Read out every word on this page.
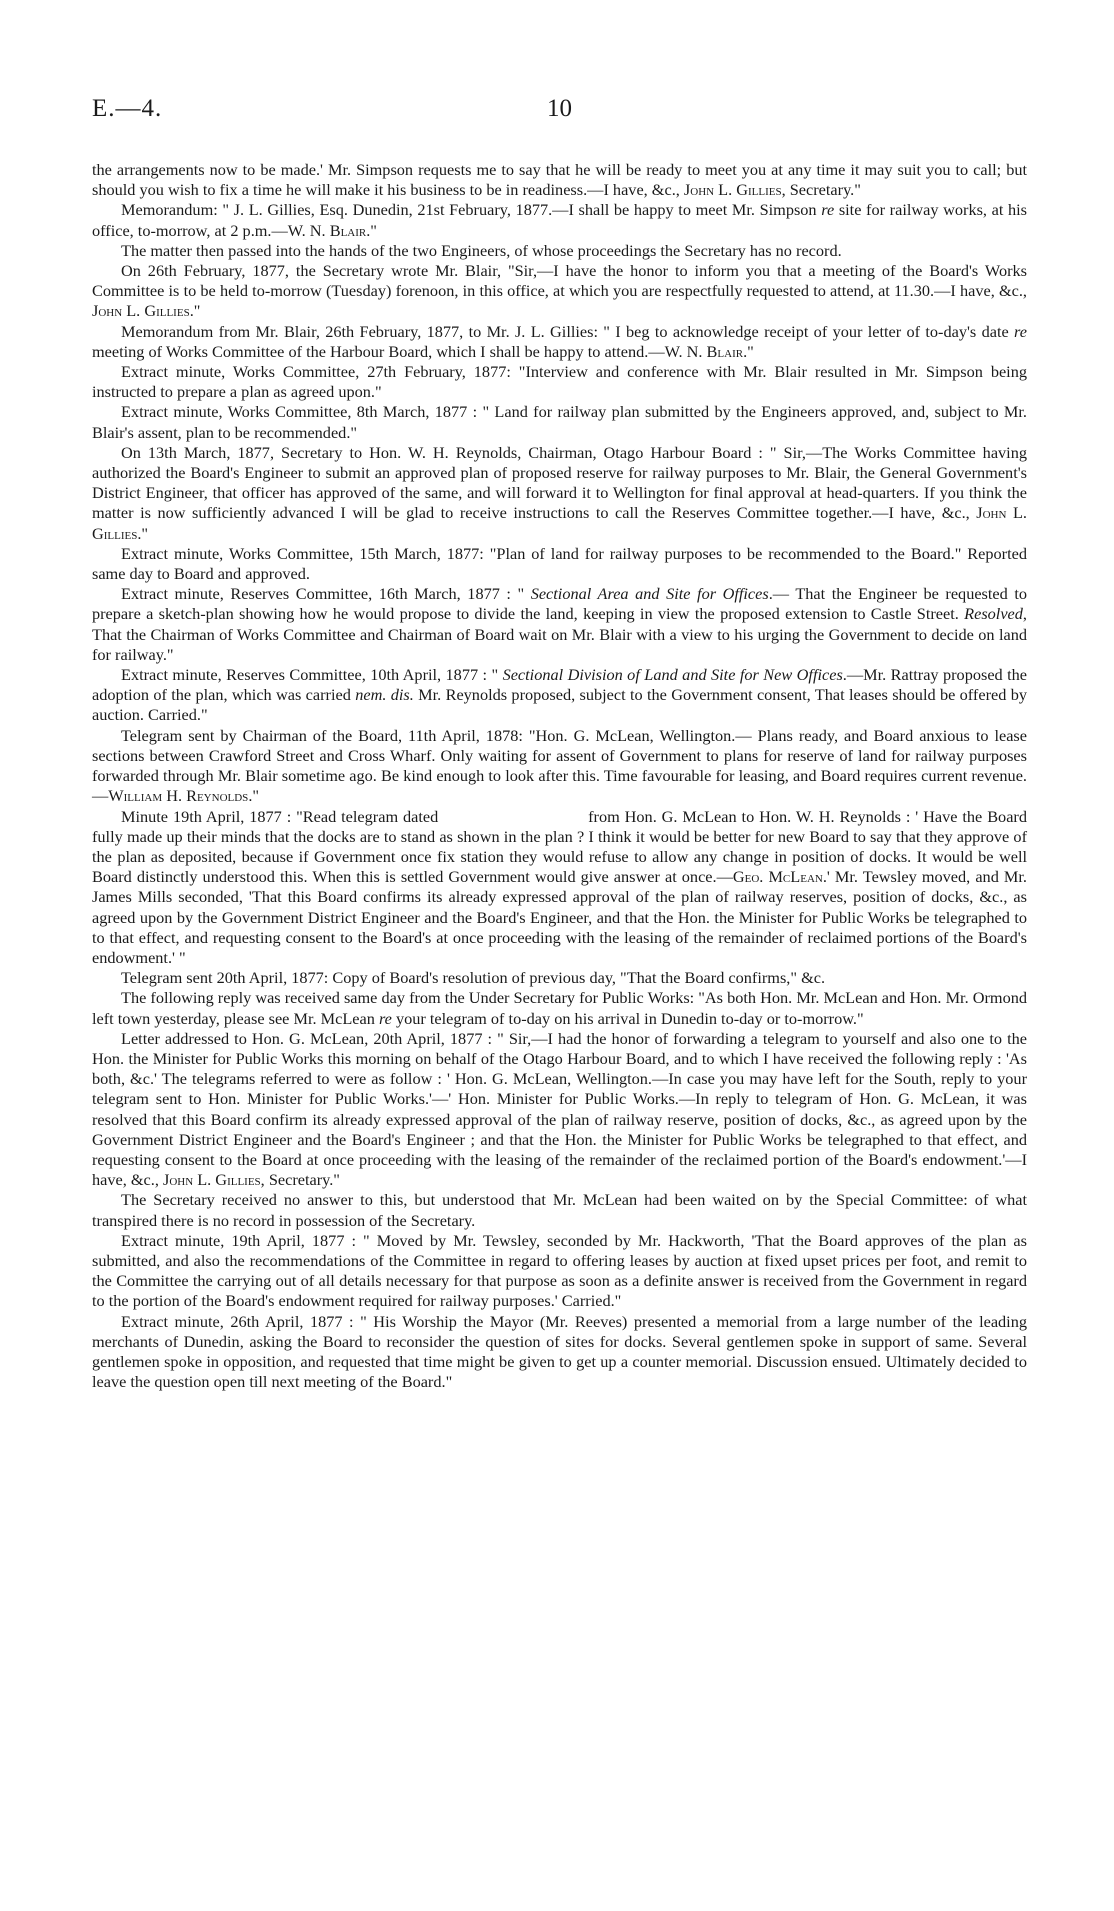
E.—4.	10

the arrangements now to be made.' Mr. Simpson requests me to say that he will be ready to meet you at any time it may suit you to call; but should you wish to fix a time he will make it his business to be in readiness.—I have, &c., John L. Gillies, Secretary."

Memorandum: " J. L. Gillies, Esq. Dunedin, 21st February, 1877.—I shall be happy to meet Mr. Simpson re site for railway works, at his office, to-morrow, at 2 p.m.—W. N. Blair."

The matter then passed into the hands of the two Engineers, of whose proceedings the Secretary has no record.

On 26th February, 1877, the Secretary wrote Mr. Blair, "Sir,—I have the honor to inform you that a meeting of the Board's Works Committee is to be held to-morrow (Tuesday) forenoon, in this office, at which you are respectfully requested to attend, at 11.30.—I have, &c., John L. Gillies."

Memorandum from Mr. Blair, 26th February, 1877, to Mr. J. L. Gillies: " I beg to acknowledge receipt of your letter of to-day's date re meeting of Works Committee of the Harbour Board, which I shall be happy to attend.—W. N. Blair."

Extract minute, Works Committee, 27th February, 1877: "Interview and conference with Mr. Blair resulted in Mr. Simpson being instructed to prepare a plan as agreed upon."

Extract minute, Works Committee, 8th March, 1877 : " Land for railway plan submitted by the Engineers approved, and, subject to Mr. Blair's assent, plan to be recommended."

On 13th March, 1877, Secretary to Hon. W. H. Reynolds, Chairman, Otago Harbour Board : " Sir,—The Works Committee having authorized the Board's Engineer to submit an approved plan of proposed reserve for railway purposes to Mr. Blair, the General Government's District Engineer, that officer has approved of the same, and will forward it to Wellington for final approval at head-quarters. If you think the matter is now sufficiently advanced I will be glad to receive instructions to call the Reserves Committee together.—I have, &c., John L. Gillies."

Extract minute, Works Committee, 15th March, 1877: "Plan of land for railway purposes to be recommended to the Board." Reported same day to Board and approved.

Extract minute, Reserves Committee, 16th March, 1877 : " Sectional Area and Site for Offices.— That the Engineer be requested to prepare a sketch-plan showing how he would propose to divide the land, keeping in view the proposed extension to Castle Street. Resolved, That the Chairman of Works Committee and Chairman of Board wait on Mr. Blair with a view to his urging the Government to decide on land for railway."

Extract minute, Reserves Committee, 10th April, 1877 : " Sectional Division of Land and Site for New Offices.—Mr. Rattray proposed the adoption of the plan, which was carried nem. dis. Mr. Reynolds proposed, subject to the Government consent, That leases should be offered by auction. Carried."

Telegram sent by Chairman of the Board, 11th April, 1878: "Hon. G. McLean, Wellington.— Plans ready, and Board anxious to lease sections between Crawford Street and Cross Wharf. Only waiting for assent of Government to plans for reserve of land for railway purposes forwarded through Mr. Blair sometime ago. Be kind enough to look after this. Time favourable for leasing, and Board requires current revenue.—William H. Reynolds."

Minute 19th April, 1877 : "Read telegram dated	from Hon. G. McLean to Hon. W. H. Reynolds : ' Have the Board fully made up their minds that the docks are to stand as shown in the plan ? I think it would be better for new Board to say that they approve of the plan as deposited, because if Government once fix station they would refuse to allow any change in position of docks. It would be well Board distinctly understood this. When this is settled Government would give answer at once.—Geo. McLean.' Mr. Tewsley moved, and Mr. James Mills seconded, 'That this Board confirms its already expressed approval of the plan of railway reserves, position of docks, &c., as agreed upon by the Government District Engineer and the Board's Engineer, and that the Hon. the Minister for Public Works be telegraphed to to that effect, and requesting consent to the Board's at once proceeding with the leasing of the remainder of reclaimed portions of the Board's endowment.' "

Telegram sent 20th April, 1877: Copy of Board's resolution of previous day, "That the Board confirms," &c.

The following reply was received same day from the Under Secretary for Public Works: "As both Hon. Mr. McLean and Hon. Mr. Ormond left town yesterday, please see Mr. McLean re your telegram of to-day on his arrival in Dunedin to-day or to-morrow."

Letter addressed to Hon. G. McLean, 20th April, 1877 : " Sir,—I had the honor of forwarding a telegram to yourself and also one to the Hon. the Minister for Public Works this morning on behalf of the Otago Harbour Board, and to which I have received the following reply : 'As both, &c.' The telegrams referred to were as follow : ' Hon. G. McLean, Wellington.—In case you may have left for the South, reply to your telegram sent to Hon. Minister for Public Works.'—' Hon. Minister for Public Works.—In reply to telegram of Hon. G. McLean, it was resolved that this Board confirm its already expressed approval of the plan of railway reserve, position of docks, &c., as agreed upon by the Government District Engineer and the Board's Engineer ; and that the Hon. the Minister for Public Works be telegraphed to that effect, and requesting consent to the Board at once proceeding with the leasing of the remainder of the reclaimed portion of the Board's endowment.'—I have, &c., John L. Gillies, Secretary."

The Secretary received no answer to this, but understood that Mr. McLean had been waited on by the Special Committee: of what transpired there is no record in possession of the Secretary.

Extract minute, 19th April, 1877 : " Moved by Mr. Tewsley, seconded by Mr. Hackworth, 'That the Board approves of the plan as submitted, and also the recommendations of the Committee in regard to offering leases by auction at fixed upset prices per foot, and remit to the Committee the carrying out of all details necessary for that purpose as soon as a definite answer is received from the Government in regard to the portion of the Board's endowment required for railway purposes.' Carried."

Extract minute, 26th April, 1877 : " His Worship the Mayor (Mr. Reeves) presented a memorial from a large number of the leading merchants of Dunedin, asking the Board to reconsider the question of sites for docks. Several gentlemen spoke in support of same. Several gentlemen spoke in opposition, and requested that time might be given to get up a counter memorial. Discussion ensued. Ultimately decided to leave the question open till next meeting of the Board."
